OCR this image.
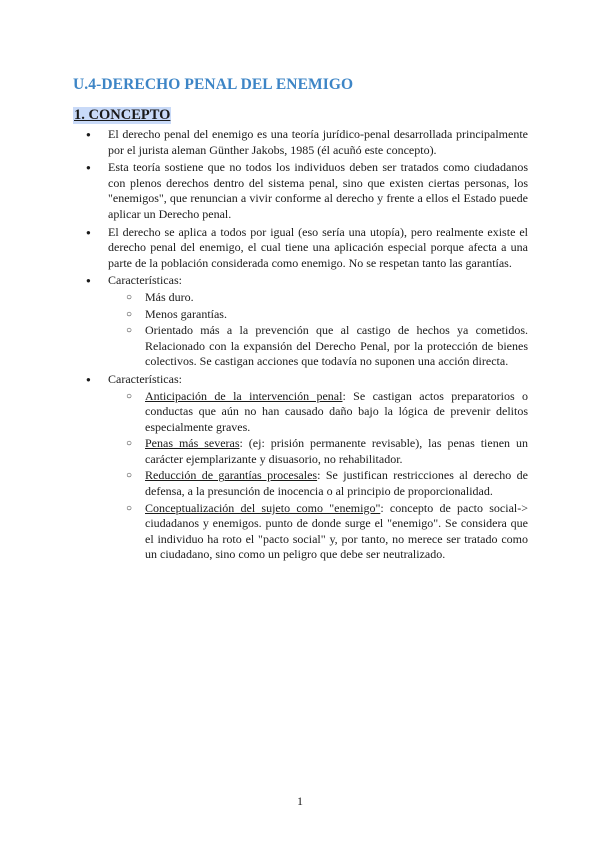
U.4-DERECHO PENAL DEL ENEMIGO
1. CONCEPTO
● El derecho penal del enemigo es una teoría jurídico-penal desarrollada principalmente por el jurista aleman Günther Jakobs, 1985 (él acuñó este concepto).
● Esta teoría sostiene que no todos los individuos deben ser tratados como ciudadanos con plenos derechos dentro del sistema penal, sino que existen ciertas personas, los "enemigos", que renuncian a vivir conforme al derecho y frente a ellos el Estado puede aplicar un Derecho penal.
● El derecho se aplica a todos por igual (eso sería una utopía), pero realmente existe el derecho penal del enemigo, el cual tiene una aplicación especial porque afecta a una parte de la población considerada como enemigo. No se respetan tanto las garantías.
● Características:
○ Más duro.
○ Menos garantías.
○ Orientado más a la prevención que al castigo de hechos ya cometidos. Relacionado con la expansión del Derecho Penal, por la protección de bienes colectivos. Se castigan acciones que todavía no suponen una acción directa.
● Características:
○ Anticipación de la intervención penal: Se castigan actos preparatorios o conductas que aún no han causado daño bajo la lógica de prevenir delitos especialmente graves.
○ Penas más severas: (ej: prisión permanente revisable), las penas tienen un carácter ejemplarizante y disuasorio, no rehabilitador.
○ Reducción de garantías procesales: Se justifican restricciones al derecho de defensa, a la presunción de inocencia o al principio de proporcionalidad.
○ Conceptualización del sujeto como "enemigo": concepto de pacto social-> ciudadanos y enemigos. punto de donde surge el "enemigo". Se considera que el individuo ha roto el "pacto social" y, por tanto, no merece ser tratado como un ciudadano, sino como un peligro que debe ser neutralizado.
1
